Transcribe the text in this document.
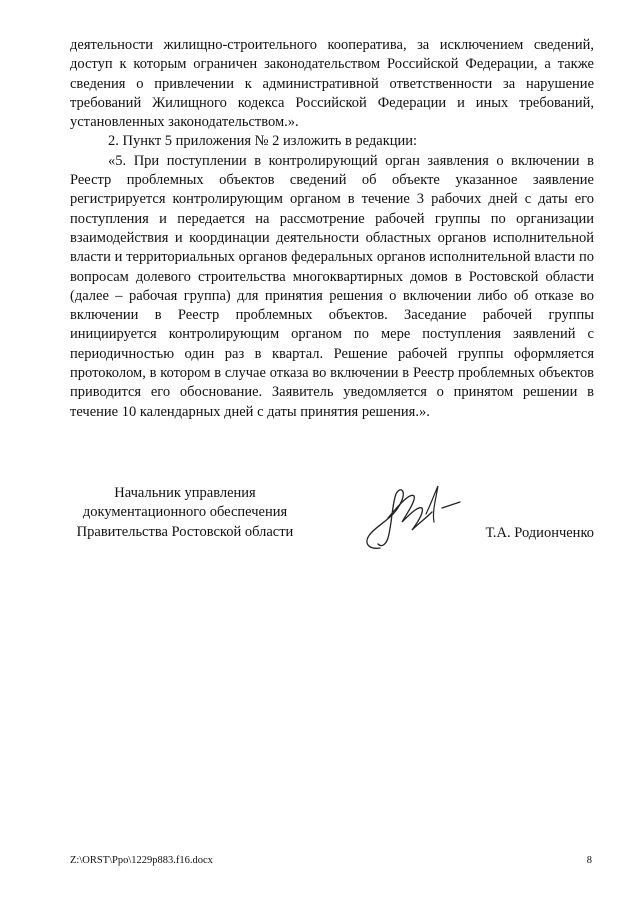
деятельности жилищно-строительного кооператива, за исключением сведений, доступ к которым ограничен законодательством Российской Федерации, а также сведения о привлечении к административной ответственности за нарушение требований Жилищного кодекса Российской Федерации и иных требований, установленных законодательством.».

2. Пункт 5 приложения № 2 изложить в редакции:

«5. При поступлении в контролирующий орган заявления о включении в Реестр проблемных объектов сведений об объекте указанное заявление регистрируется контролирующим органом в течение 3 рабочих дней с даты его поступления и передается на рассмотрение рабочей группы по организации взаимодействия и координации деятельности областных органов исполнительной власти и территориальных органов федеральных органов исполнительной власти по вопросам долевого строительства многоквартирных домов в Ростовской области (далее – рабочая группа) для принятия решения о включении либо об отказе во включении в Реестр проблемных объектов. Заседание рабочей группы инициируется контролирующим органом по мере поступления заявлений с периодичностью один раз в квартал. Решение рабочей группы оформляется протоколом, в котором в случае отказа во включении в Реестр проблемных объектов приводится его обоснование. Заявитель уведомляется о принятом решении в течение 10 календарных дней с даты принятия решения.».

Начальник управления
документационного обеспечения
Правительства Ростовской области	Т.А. Родионченко
Z:\ORST\Ppo\1229p883.f16.docx	8
